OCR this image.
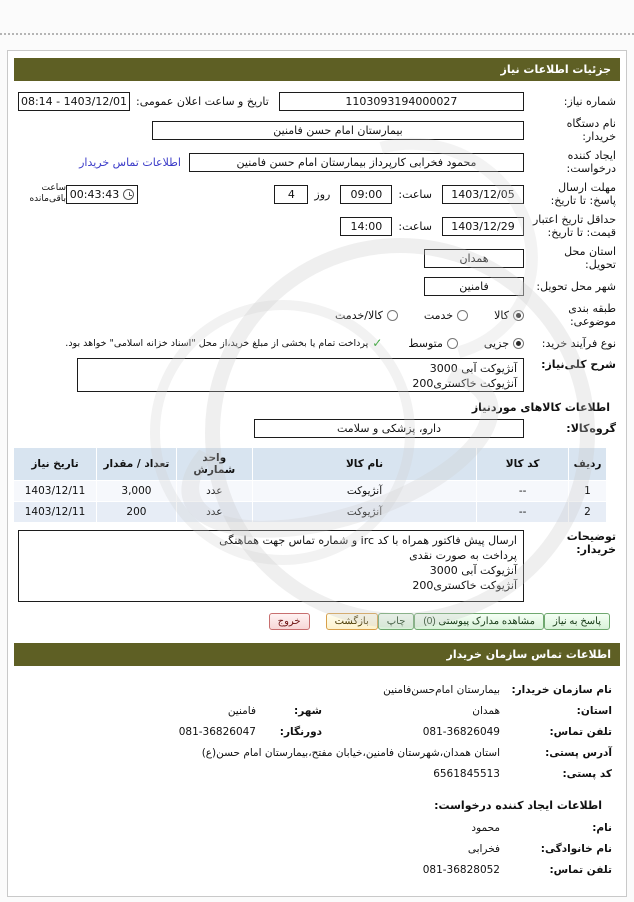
جزئیات اطلاعات نیاز
شماره نیاز:
1103093194000027
تاریخ و ساعت اعلان عمومی:
1403/12/01 - 08:14
نام دستگاه خریدار:
بیمارستان امام حسن فامنین
ایجاد کننده درخواست:
محمود فخرابی کارپرداز بیمارستان امام حسن فامنین
اطلاعات تماس خریدار
مهلت ارسال پاسخ: تا تاریخ:
1403/12/05
ساعت:
09:00
روز
4
00:43:43
ساعت باقی‌مانده
حداقل تاریخ اعتبار قیمت: تا تاریخ:
1403/12/29
ساعت:
14:00
استان محل تحویل:
همدان
شهر محل تحویل:
فامنین
طبقه بندی موضوعی:
کالا
خدمت
کالا/خدمت
نوع فرآیند خرید:
جزیی
متوسط
✓
پرداخت تمام یا بخشی از مبلغ خرید،از محل "اسناد خزانه اسلامی" خواهد بود.
شرح کلی‌نیاز:
آنژیوکت آبی 3000
آنژیوکت خاکستری200
اطلاعات کالاهای موردنیاز
گروه‌کالا:
دارو، پزشکی و سلامت
ردیف	کد کالا	نام کالا	واحد شمارش	تعداد / مقدار	تاریخ نیاز
1	--	آنژیوکت	عدد	3,000	1403/12/11
2	--	آنژیوکت	عدد	200	1403/12/11
توضیحات خریدار:
ارسال پیش فاکتور همراه با کد irc و شماره تماس جهت هماهنگی
پرداخت به صورت نقدی
آنژیوکت آبی 3000
آنژیوکت خاکستری200
پاسخ به نیاز
مشاهده مدارک پیوستی (0)
چاپ
بازگشت
خروج
اطلاعات تماس سازمان خریدار
نام سازمان خریدار:
بیمارستان امام‌حسن‌فامنین
استان:
همدان
شهر:
فامنین
تلفن تماس:
081-36826049
دورنگار:
081-36826047
آدرس پستی:
استان همدان،شهرستان فامنین،خیابان مفتح،بیمارستان امام حسن(ع)
کد پستی:
6561845513
اطلاعات ایجاد کننده درخواست:
نام:
محمود
نام خانوادگی:
فخرابی
تلفن تماس:
081-36828052
